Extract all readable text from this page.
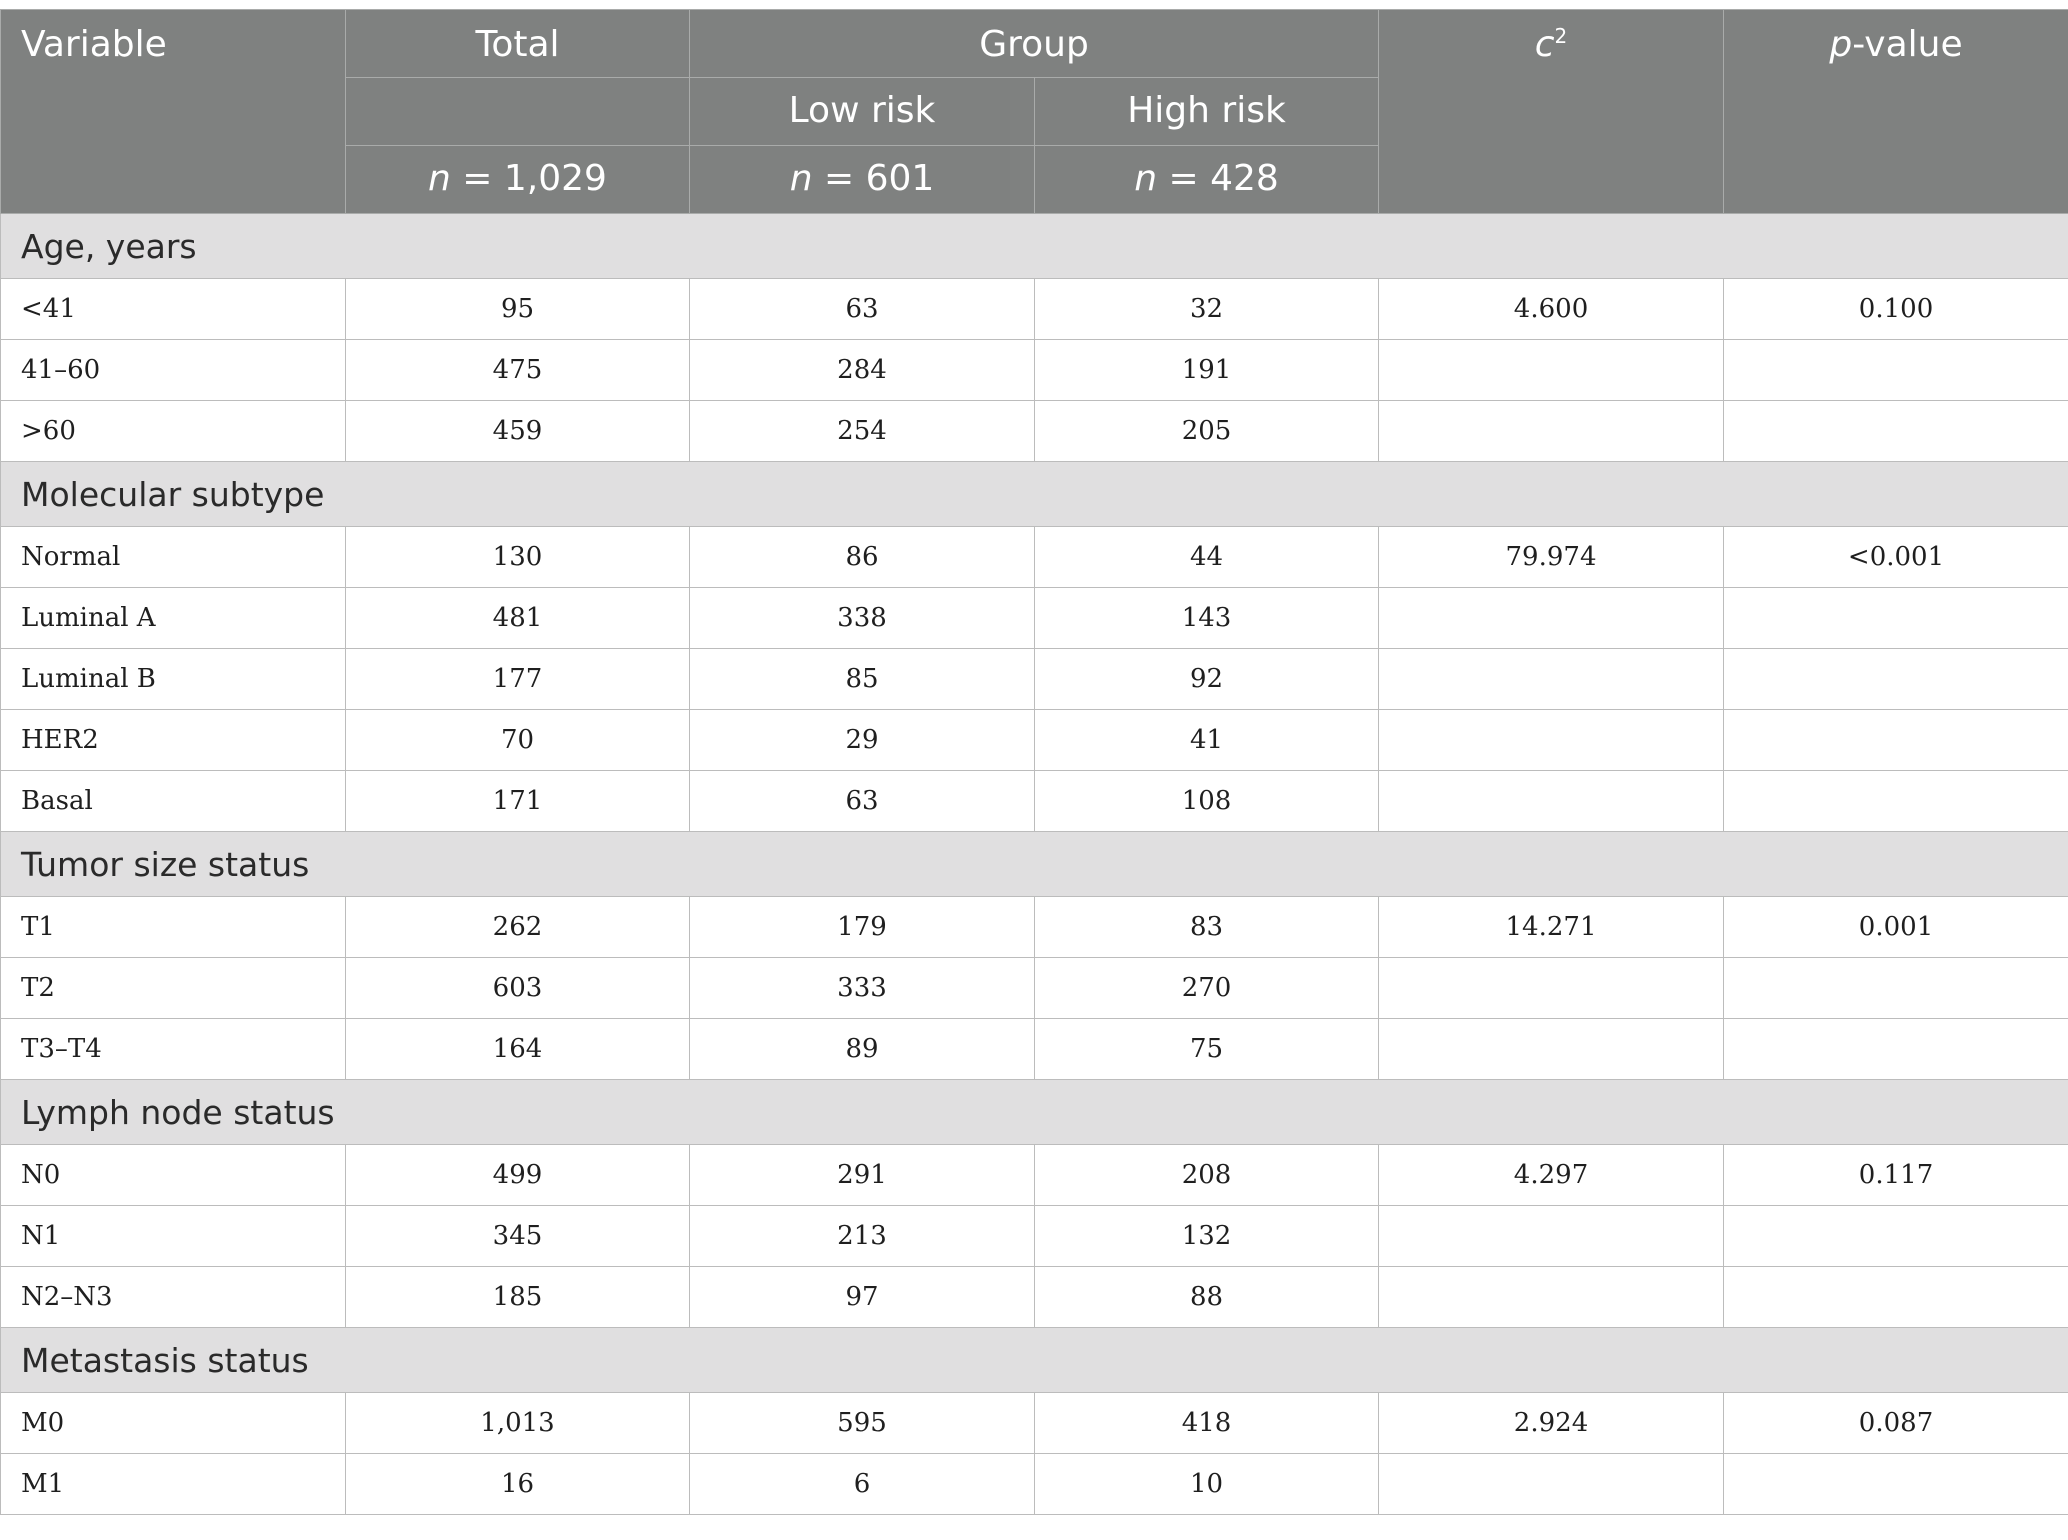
Variable	Total	Group		$c^2$	p-value
		Low risk	High risk		
	n = 1,029	n = 601	n = 428		
Age, years					
<41	95	63	32	4.600	0.100
41–60	475	284	191		
>60	459	254	205		
Molecular subtype					
Normal	130	86	44	79.974	<0.001
Luminal A	481	338	143		
Luminal B	177	85	92		
HER2	70	29	41		
Basal	171	63	108		
Tumor size status					
T1	262	179	83	14.271	0.001
T2	603	333	270		
T3–T4	164	89	75		
Lymph node status					
N0	499	291	208	4.297	0.117
N1	345	213	132		
N2–N3	185	97	88		
Metastasis status					
M0	1,013	595	418	2.924	0.087
M1	16	6	10		
